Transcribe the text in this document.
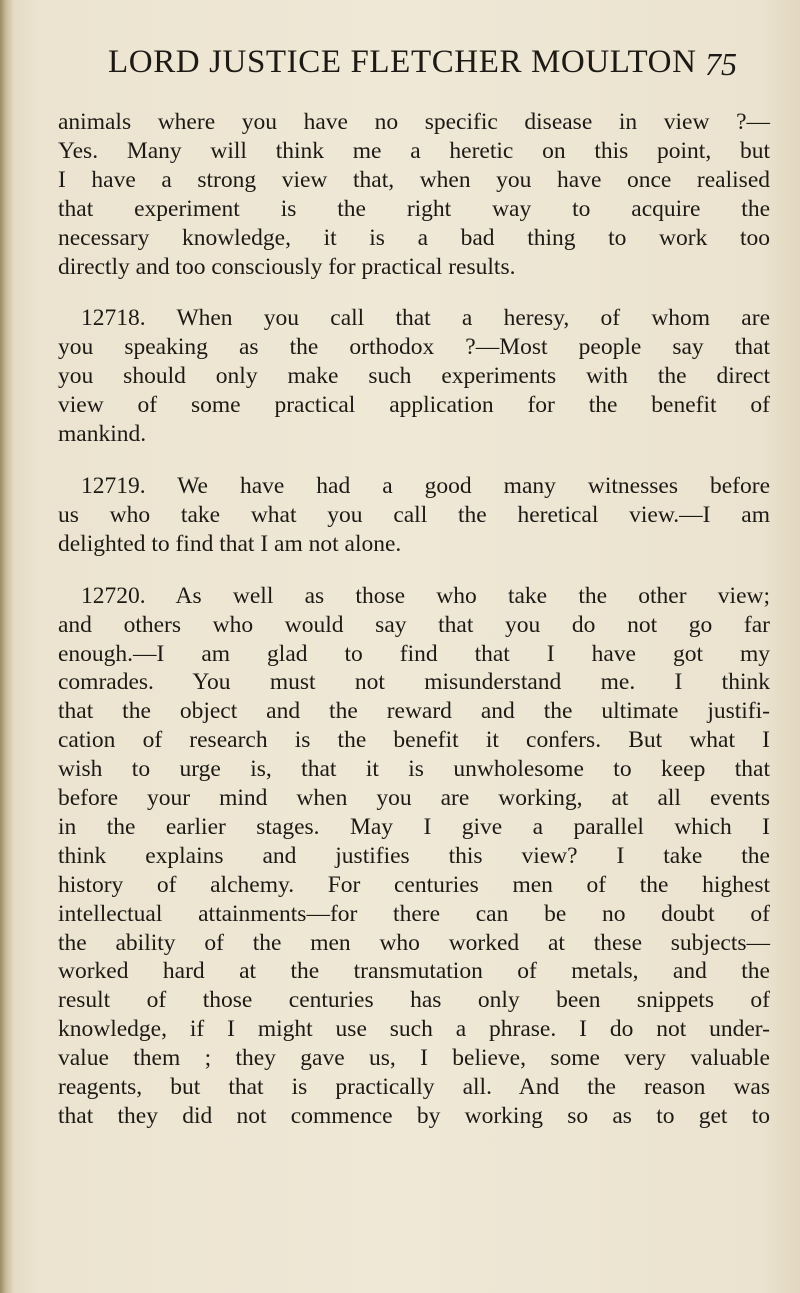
LORD JUSTICE FLETCHER MOULTON 75
animals where you have no specific disease in view ?—
Yes. Many will think me a heretic on this point, but
I have a strong view that, when you have once realised
that experiment is the right way to acquire the
necessary knowledge, it is a bad thing to work too
directly and too consciously for practical results.
12718. When you call that a heresy, of whom are
you speaking as the orthodox ?—Most people say that
you should only make such experiments with the direct
view of some practical application for the benefit of
mankind.
12719. We have had a good many witnesses before
us who take what you call the heretical view.—I am
delighted to find that I am not alone.
12720. As well as those who take the other view;
and others who would say that you do not go far
enough.—I am glad to find that I have got my
comrades. You must not misunderstand me. I think
that the object and the reward and the ultimate justifi-
cation of research is the benefit it confers. But what I
wish to urge is, that it is unwholesome to keep that
before your mind when you are working, at all events
in the earlier stages. May I give a parallel which I
think explains and justifies this view? I take the
history of alchemy. For centuries men of the highest
intellectual attainments—for there can be no doubt of
the ability of the men who worked at these subjects—
worked hard at the transmutation of metals, and the
result of those centuries has only been snippets of
knowledge, if I might use such a phrase. I do not under-
value them ; they gave us, I believe, some very valuable
reagents, but that is practically all. And the reason was
that they did not commence by working so as to get to
